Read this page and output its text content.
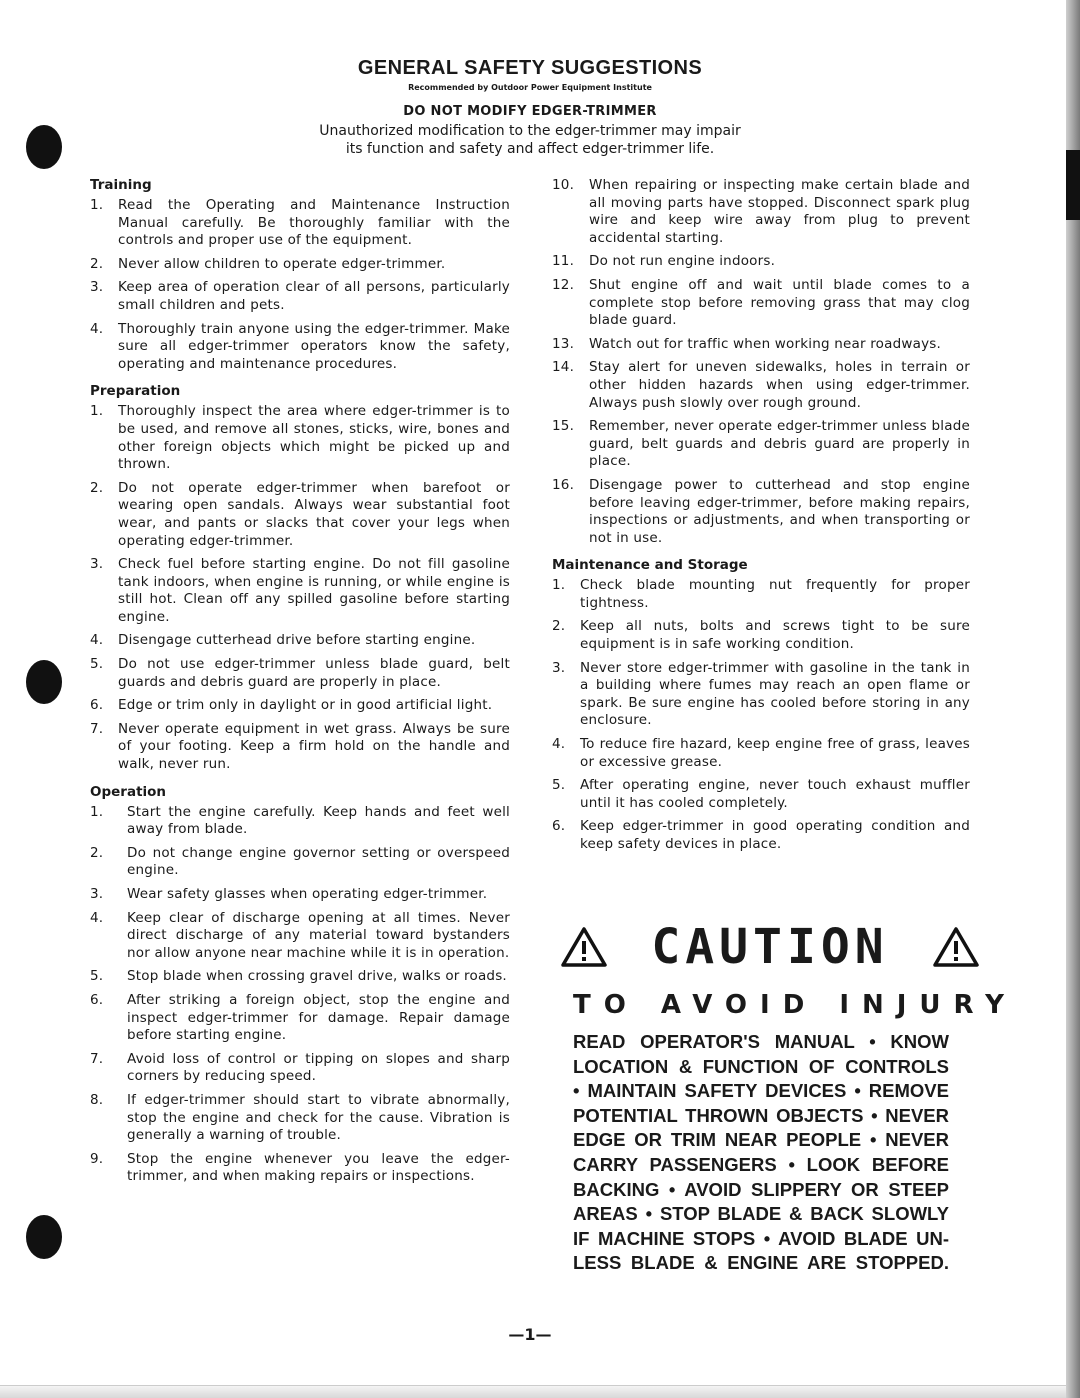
GENERAL SAFETY SUGGESTIONS
Recommended by Outdoor Power Equipment Institute
DO NOT MODIFY EDGER-TRIMMER
Unauthorized modification to the edger-trimmer may impair
its function and safety and affect edger-trimmer life.
Training
1.	Read the Operating and Maintenance Instruction Manual carefully. Be thoroughly familiar with the controls and proper use of the equipment.
2.	Never allow children to operate edger-trimmer.
3.	Keep area of operation clear of all persons, particularly small children and pets.
4.	Thoroughly train anyone using the edger-trimmer. Make sure all edger-trimmer operators know the safety, operating and maintenance procedures.
Preparation
1.	Thoroughly inspect the area where edger-trimmer is to be used, and remove all stones, sticks, wire, bones and other foreign objects which might be picked up and thrown.
2.	Do not operate edger-trimmer when barefoot or wearing open sandals. Always wear substantial foot wear, and pants or slacks that cover your legs when operating edger-trimmer.
3.	Check fuel before starting engine. Do not fill gasoline tank indoors, when engine is running, or while engine is still hot. Clean off any spilled gasoline before starting engine.
4.	Disengage cutterhead drive before starting engine.
5.	Do not use edger-trimmer unless blade guard, belt guards and debris guard are properly in place.
6.	Edge or trim only in daylight or in good artificial light.
7.	Never operate equipment in wet grass. Always be sure of your footing. Keep a firm hold on the handle and walk, never run.
Operation
1.	Start the engine carefully. Keep hands and feet well away from blade.
2.	Do not change engine governor setting or overspeed engine.
3.	Wear safety glasses when operating edger-trimmer.
4.	Keep clear of discharge opening at all times. Never direct discharge of any material toward bystanders nor allow anyone near machine while it is in operation.
5.	Stop blade when crossing gravel drive, walks or roads.
6.	After striking a foreign object, stop the engine and inspect edger-trimmer for damage. Repair damage before starting engine.
7.	Avoid loss of control or tipping on slopes and sharp corners by reducing speed.
8.	If edger-trimmer should start to vibrate abnormally, stop the engine and check for the cause. Vibration is generally a warning of trouble.
9.	Stop the engine whenever you leave the edger-trimmer, and when making repairs or inspections.
10.	When repairing or inspecting make certain blade and all moving parts have stopped. Disconnect spark plug wire and keep wire away from plug to prevent accidental starting.
11.	Do not run engine indoors.
12.	Shut engine off and wait until blade comes to a complete stop before removing grass that may clog blade guard.
13.	Watch out for traffic when working near roadways.
14.	Stay alert for uneven sidewalks, holes in terrain or other hidden hazards when using edger-trimmer. Always push slowly over rough ground.
15.	Remember, never operate edger-trimmer unless blade guard, belt guards and debris guard are properly in place.
16.	Disengage power to cutterhead and stop engine before leaving edger-trimmer, before making repairs, inspections or adjustments, and when transporting or not in use.
Maintenance and Storage
1.	Check blade mounting nut frequently for proper tightness.
2.	Keep all nuts, bolts and screws tight to be sure equipment is in safe working condition.
3.	Never store edger-trimmer with gasoline in the tank in a building where fumes may reach an open flame or spark. Be sure engine has cooled before storing in any enclosure.
4.	To reduce fire hazard, keep engine free of grass, leaves or excessive grease.
5.	After operating engine, never touch exhaust muffler until it has cooled completely.
6.	Keep edger-trimmer in good operating condition and keep safety devices in place.
CAUTION
TO AVOID INJURY
READ OPERATOR'S MANUAL • KNOW
LOCATION & FUNCTION OF CONTROLS
• MAINTAIN SAFETY DEVICES • REMOVE
POTENTIAL THROWN OBJECTS • NEVER
EDGE OR TRIM NEAR PEOPLE • NEVER
CARRY PASSENGERS • LOOK BEFORE
BACKING • AVOID SLIPPERY OR STEEP
AREAS • STOP BLADE & BACK SLOWLY
IF MACHINE STOPS • AVOID BLADE UN-
LESS BLADE & ENGINE ARE STOPPED.
—1—
